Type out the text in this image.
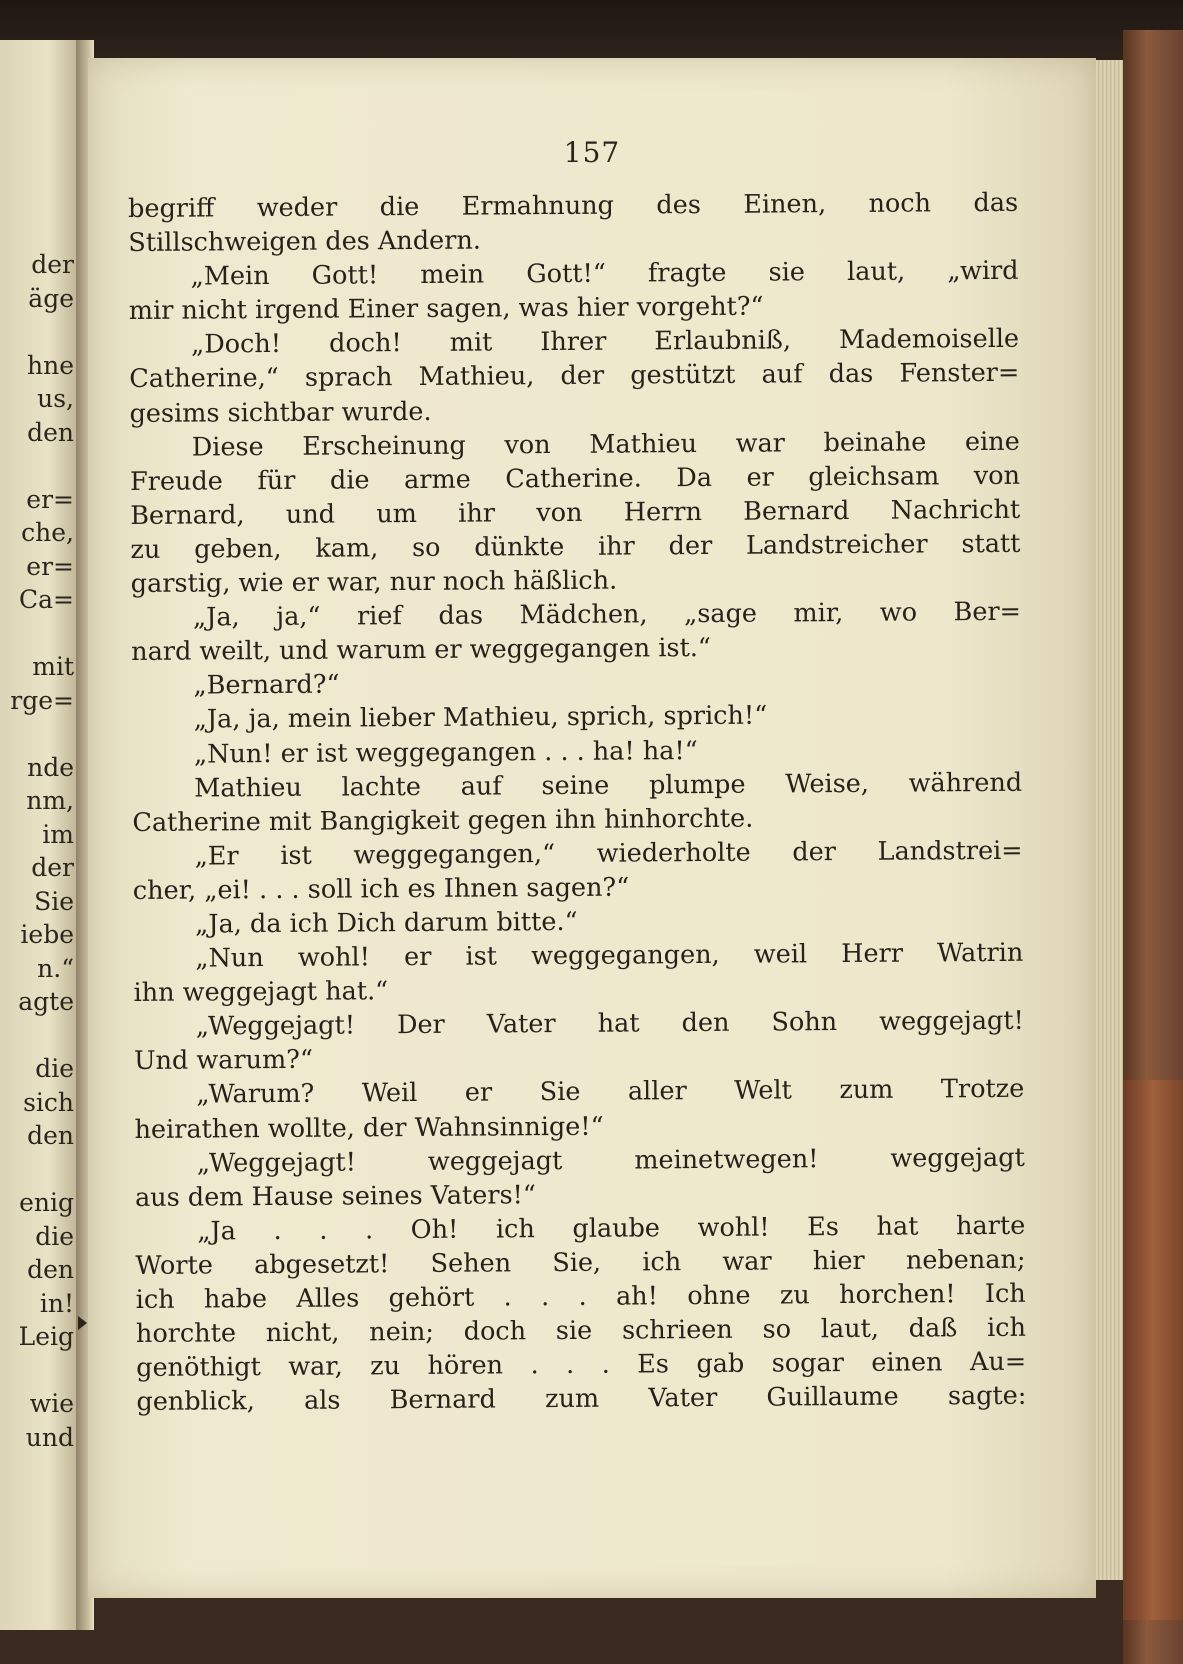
der
äge
hne
us,
den
er=
che,
er=
Ca=
mit
rge=
nde
nm,
im
der
Sie
iebe
n.“
agte
die
sich
den
enig
die
den
in!
Leig
wie
und
157
begriff weder die Ermahnung des Einen, noch das
Stillschweigen des Andern.
„Mein Gott! mein Gott!“ fragte sie laut, „wird
mir nicht irgend Einer sagen, was hier vorgeht?“
„Doch! doch! mit Ihrer Erlaubniß, Mademoiselle
Catherine,“ sprach Mathieu, der gestützt auf das Fenster=
gesims sichtbar wurde.
Diese Erscheinung von Mathieu war beinahe eine
Freude für die arme Catherine. Da er gleichsam von
Bernard, und um ihr von Herrn Bernard Nachricht
zu geben, kam, so dünkte ihr der Landstreicher statt
garstig, wie er war, nur noch häßlich.
„Ja, ja,“ rief das Mädchen, „sage mir, wo Ber=
nard weilt, und warum er weggegangen ist.“
„Bernard?“
„Ja, ja, mein lieber Mathieu, sprich, sprich!“
„Nun! er ist weggegangen . . . ha! ha!“
Mathieu lachte auf seine plumpe Weise, während
Catherine mit Bangigkeit gegen ihn hinhorchte.
„Er ist weggegangen,“ wiederholte der Landstrei=
cher, „ei! . . . soll ich es Ihnen sagen?“
„Ja, da ich Dich darum bitte.“
„Nun wohl! er ist weggegangen, weil Herr Watrin
ihn weggejagt hat.“
„Weggejagt! Der Vater hat den Sohn weggejagt!
Und warum?“
„Warum? Weil er Sie aller Welt zum Trotze
heirathen wollte, der Wahnsinnige!“
„Weggejagt! weggejagt meinetwegen! weggejagt
aus dem Hause seines Vaters!“
„Ja . . . Oh! ich glaube wohl! Es hat harte
Worte abgesetzt! Sehen Sie, ich war hier nebenan;
ich habe Alles gehört . . . ah! ohne zu horchen! Ich
horchte nicht, nein; doch sie schrieen so laut, daß ich
genöthigt war, zu hören . . . Es gab sogar einen Au=
genblick, als Bernard zum Vater Guillaume sagte:
